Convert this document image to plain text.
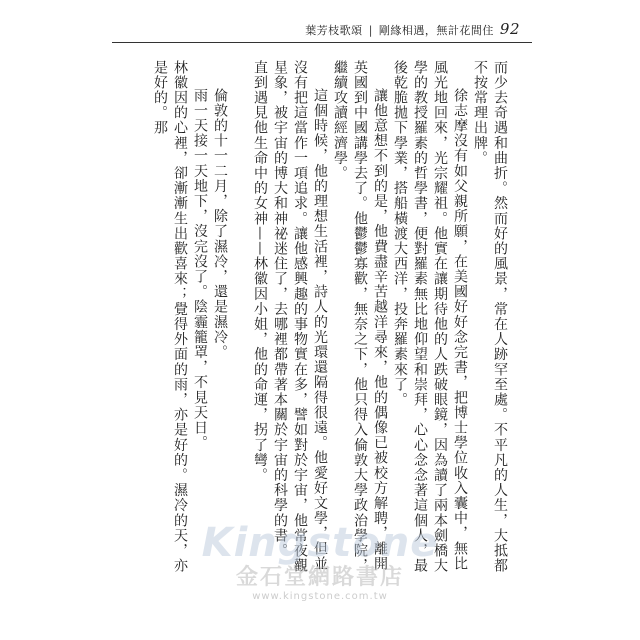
葉芳枝歌頌 | 剛緣相遇，無計花間住 92

而少去奇遇和曲折。然而好的風景，常在人跡罕至處。不平凡的人生，大抵都不按常理出牌。

徐志摩沒有如父親所願，在美國好好念完書，把博士學位收入囊中，無比風光地回來，光宗耀祖。他實在讓期待他的人跌破眼鏡，因為讀了兩本劍橋大學的教授羅素的哲學書，便對羅素無比地仰望和崇拜，心心念念著這個人，最後乾脆拋下學業，搭船橫渡大西洋，投奔羅素來了。

讓他意想不到的是，他費盡辛苦越洋尋來，他的偶像已被校方解聘，離開英國到中國講學去了。他鬱鬱寡歡，無奈之下，他只得入倫敦大學政治學院，繼續攻讀經濟學。

這個時候，他的理想生活裡，詩人的光環還隔得很遠。他愛好文學，但並沒有把這當作一項追求。讓他感興趣的事物實在多，譬如對於宇宙，他常夜觀星象，被宇宙的博大和神祕迷住了，去哪裡都帶著本關於宇宙的科學的書。

直到遇見他生命中的女神——林徽因小姐，他的命運，拐了彎。

倫敦的十一二月，除了濕冷，還是濕冷。

雨一天接一天地下，沒完沒了。陰霾籠罩，不見天日。

林徽因的心裡，卻漸漸生出歡喜來；覺得外面的雨，亦是好的。濕冷的天，亦是好的。那

Kingstone
金石堂網路書店
www.kingstone.com.tw
